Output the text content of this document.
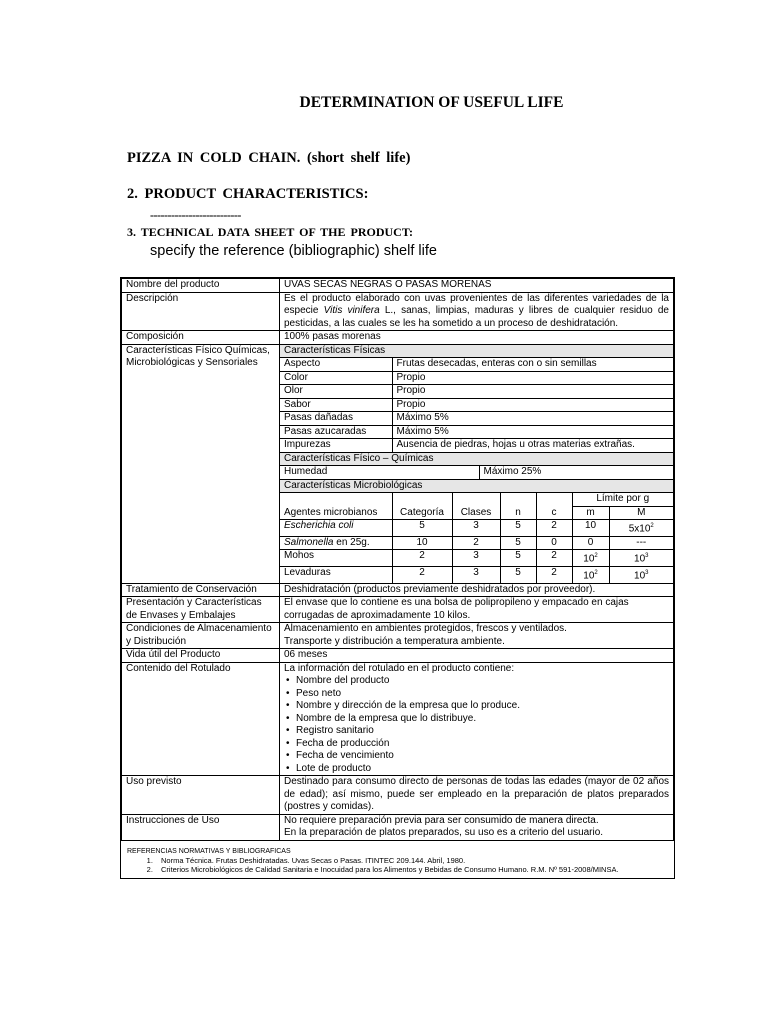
DETERMINATION OF USEFUL LIFE
PIZZA IN COLD CHAIN. (short shelf life)
2. PRODUCT CHARACTERISTICS:
--------------------------
3. TECHNICAL DATA SHEET OF THE PRODUCT:
specify the reference (bibliographic) shelf life
Nombre del producto	UVAS SECAS NEGRAS O PASAS MORENAS
Descripción	Es el producto elaborado con uvas provenientes de las diferentes variedades de la especie Vitis vinifera L., sanas, limpias, maduras y libres de cualquier residuo de pesticidas, a las cuales se les ha sometido a un proceso de deshidratación.
Composición	100% pasas morenas
Características Físico Químicas, Microbiológicas y Sensoriales	
Características Físicas
Aspecto	Frutas desecadas, enteras con o sin semillas
Color	Propio
Olor	Propio
Sabor	Propio
Pasas dañadas	Máximo 5%
Pasas azucaradas	Máximo 5%
Impurezas	Ausencia de piedras, hojas u otras materias extrañas.
Características Físico – Químicas
Humedad	Máximo 25%
Características Microbiológicas
Agentes microbianos	Categoría	Clases	n	c	Límite por g
m	M
Escherichia coli	5	3	5	2	10	$5x10^2$
Salmonella en 25g.	10	2	5	0	0	---
Mohos	2	3	5	2	$10^2$	$10^3$
Levaduras	2	3	5	2	$10^2$	$10^3$

Tratamiento de Conservación	Deshidratación (productos previamente deshidratados por proveedor).
Presentación y Características de Envases y Embalajes	El envase que lo contiene es una bolsa de polipropileno y empacado en cajas corrugadas de aproximadamente 10 kilos.
Condiciones de Almacenamiento y Distribución	
Almacenamiento en ambientes protegidos, frescos y ventilados.
Transporte y distribución a temperatura ambiente.

Vida útil del Producto	06 meses
Contenido del Rotulado	La información del rotulado en el producto contiene:
• Nombre del producto
• Peso neto
• Nombre y dirección de la empresa que lo produce.
• Nombre de la empresa que lo distribuye.
• Registro sanitario
• Fecha de producción
• Fecha de vencimiento
• Lote de producto

Uso previsto	Destinado para consumo directo de personas de todas las edades (mayor de 02 años de edad); así mismo, puede ser empleado en la preparación de platos preparados (postres y comidas).
Instrucciones de Uso	No requiere preparación previa para ser consumido de manera directa.
En la preparación de platos preparados, su uso es a criterio del usuario.
REFERENCIAS NORMATIVAS Y BIBLIOGRAFICAS
1. Norma Técnica. Frutas Deshidratadas. Uvas Secas o Pasas. ITINTEC 209.144. Abril, 1980.
2. Criterios Microbiológicos de Calidad Sanitaria e Inocuidad para los Alimentos y Bebidas de Consumo Humano. R.M. Nº 591-2008/MINSA.
